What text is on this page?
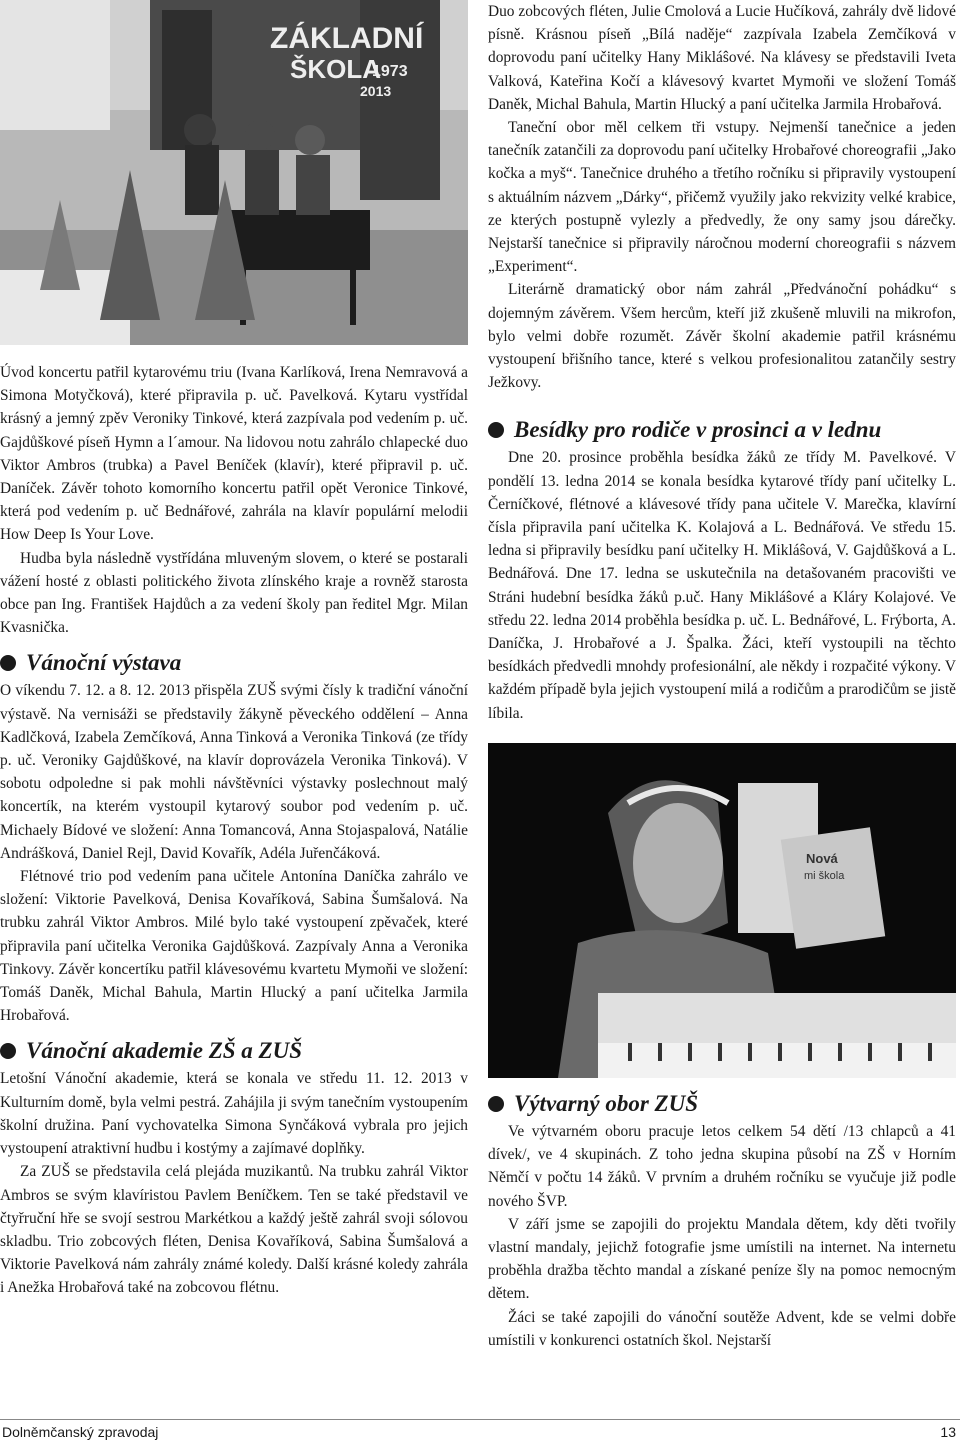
ZÁKLADNÍ
ŠKOLA
1973
2013

Úvod koncertu patřil kytarovému triu (Ivana Karlíková, Irena Nemravová a Simona Motyčková), které připravila p. uč. Pavelková. Kytaru vystřídal krásný a jemný zpěv Veroniky Tinkové, která zazpívala pod vedením p. uč. Gajdůškové píseň Hymn a l´amour. Na lidovou notu zahrálo chlapecké duo Viktor Ambros (trubka) a Pavel Beníček (klavír), které připravil p. uč. Daníček. Závěr tohoto komorního koncertu patřil opět Veronice Tinkové, která pod vedením p. uč Bednářové, zahrála na klavír populární melodii How Deep Is Your Love.

Hudba byla následně vystřídána mluveným slovem, o které se postarali vážení hosté z oblasti politického života zlínského kraje a rovněž starosta obce pan Ing. František Hajdůch a za vedení školy pan ředitel Mgr. Milan Kvasnička.

Vánoční výstava

O víkendu 7. 12. a 8. 12. 2013 přispěla ZUŠ svými čísly k tradiční vánoční výstavě. Na vernisáži se představily žákyně pěveckého oddělení – Anna Kadlčková, Izabela Zemčíková, Anna Tinková a Veronika Tinková (ze třídy p. uč. Veroniky Gajdůškové, na klavír doprovázela Veronika Tinková). V sobotu odpoledne si pak mohli návštěvníci výstavky poslechnout malý koncertík, na kterém vystoupil kytarový soubor pod vedením p. uč. Michaely Bídové ve složení: Anna Tomancová, Anna Stojaspalová, Natálie Andrášková, Daniel Rejl, David Kovařík, Adéla Juřenčáková.

Flétnové trio pod vedením pana učitele Antonína Daníčka zahrálo ve složení: Viktorie Pavelková, Denisa Kovaříková, Sabina Šumšalová. Na trubku zahrál Viktor Ambros. Milé bylo také vystoupení zpěvaček, které připravila paní učitelka Veronika Gajdůšková. Zazpívaly Anna a Veronika Tinkovy. Závěr koncertíku patřil klávesovému kvartetu Mymoňi ve složení: Tomáš Daněk, Michal Bahula, Martin Hlucký a paní učitelka Jarmila Hrobařová.

Vánoční akademie ZŠ a ZUŠ

Letošní Vánoční akademie, která se konala ve středu 11. 12. 2013 v Kulturním domě, byla velmi pestrá. Zahájila ji svým tanečním vystoupením školní družina. Paní vychovatelka Simona Synčáková vybrala pro jejich vystoupení atraktivní hudbu i kostýmy a zajímavé doplňky.

Za ZUŠ se představila celá plejáda muzikantů. Na trubku zahrál Viktor Ambros se svým klavíristou Pavlem Beníčkem. Ten se také představil ve čtyřruční hře se svojí sestrou Markétkou a každý ještě zahrál svoji sólovou skladbu. Trio zobcových fléten, Denisa Kovaříková, Sabina Šumšalová a Viktorie Pavelková nám zahrály známé koledy. Další krásné koledy zahrála i Anežka Hrobařová také na zobcovou flétnu.

Duo zobcových fléten, Julie Cmolová a Lucie Hučíková, zahrály dvě lidové písně. Krásnou píseň „Bílá naděje“ zazpívala Izabela Zemčíková v doprovodu paní učitelky Hany Mikláŝové. Na klávesy se představili Iveta Valková, Kateřina Kočí a klávesový kvartet Mymoňi ve složení Tomáš Daněk, Michal Bahula, Martin Hlucký a paní učitelka Jarmila Hrobařová.

Taneční obor měl celkem tři vstupy. Nejmenší tanečnice a jeden tanečník zatančili za doprovodu paní učitelky Hrobařové choreografii „Jako kočka a myš“. Tanečnice druhého a třetího ročníku si připravily vystoupení s aktuálním názvem „Dárky“, přičemž využily jako rekvizity velké krabice, ze kterých postupně vylezly a předvedly, že ony samy jsou dárečky. Nejstarší tanečnice si připravily náročnou moderní choreografii s názvem „Experiment“.

Literárně dramatický obor nám zahrál „Předvánoční pohádku“ s dojemným závěrem. Všem hercům, kteří již zkušeně mluvili na mikrofon, bylo velmi dobře rozumět. Závěr školní akademie patřil krásnému vystoupení břišního tance, které s velkou profesionalitou zatančily sestry Ježkovy.

Besídky pro rodiče v prosinci a v lednu

Dne 20. prosince proběhla besídka žáků ze třídy M. Pavelkové. V pondělí 13. ledna 2014 se konala besídka kytarové třídy paní učitelky L. Černíčkové, flétnové a klávesové třídy pana učitele V. Marečka, klavírní čísla připravila paní učitelka K. Kolajová a L. Bednářová. Ve středu 15. ledna si připravily besídku paní učitelky H. Mikláŝová, V. Gajdůšková a L. Bednářová. Dne 17. ledna se uskutečnila na detašovaném pracovišti ve Stráni hudební besídka žáků p.uč. Hany Mikláŝové a Kláry Kolajové. Ve středu 22. ledna 2014 proběhla besídka p. uč. L. Bednářové, L. Frýborta, A. Daníčka, J. Hrobařové a J. Špalka. Žáci, kteří vystoupili na těchto besídkách předvedli mnohdy profesionální, ale někdy i rozpačité výkony. V každém případě byla jejich vystoupení milá a rodičům a prarodičům se jistě líbila.

Nová
mi škola
Výtvarný obor ZUŠ

Ve výtvarném oboru pracuje letos celkem 54 dětí /13 chlapců a 41 dívek/, ve 4 skupinách. Z toho jedna skupina působí na ZŠ v Horním Němčí v počtu 14 žáků. V prvním a druhém ročníku se vyučuje již podle nového ŠVP.

V září jsme se zapojili do projektu Mandala dětem, kdy děti tvořily vlastní mandaly, jejichž fotografie jsme umístili na internet. Na internetu proběhla dražba těchto mandal a získané peníze šly na pomoc nemocným dětem.

Žáci se také zapojili do vánoční soutěže Advent, kde se velmi dobře umístili v konkurenci ostatních škol. Nejstarší

Dolněmčanský zpravodaj	13
